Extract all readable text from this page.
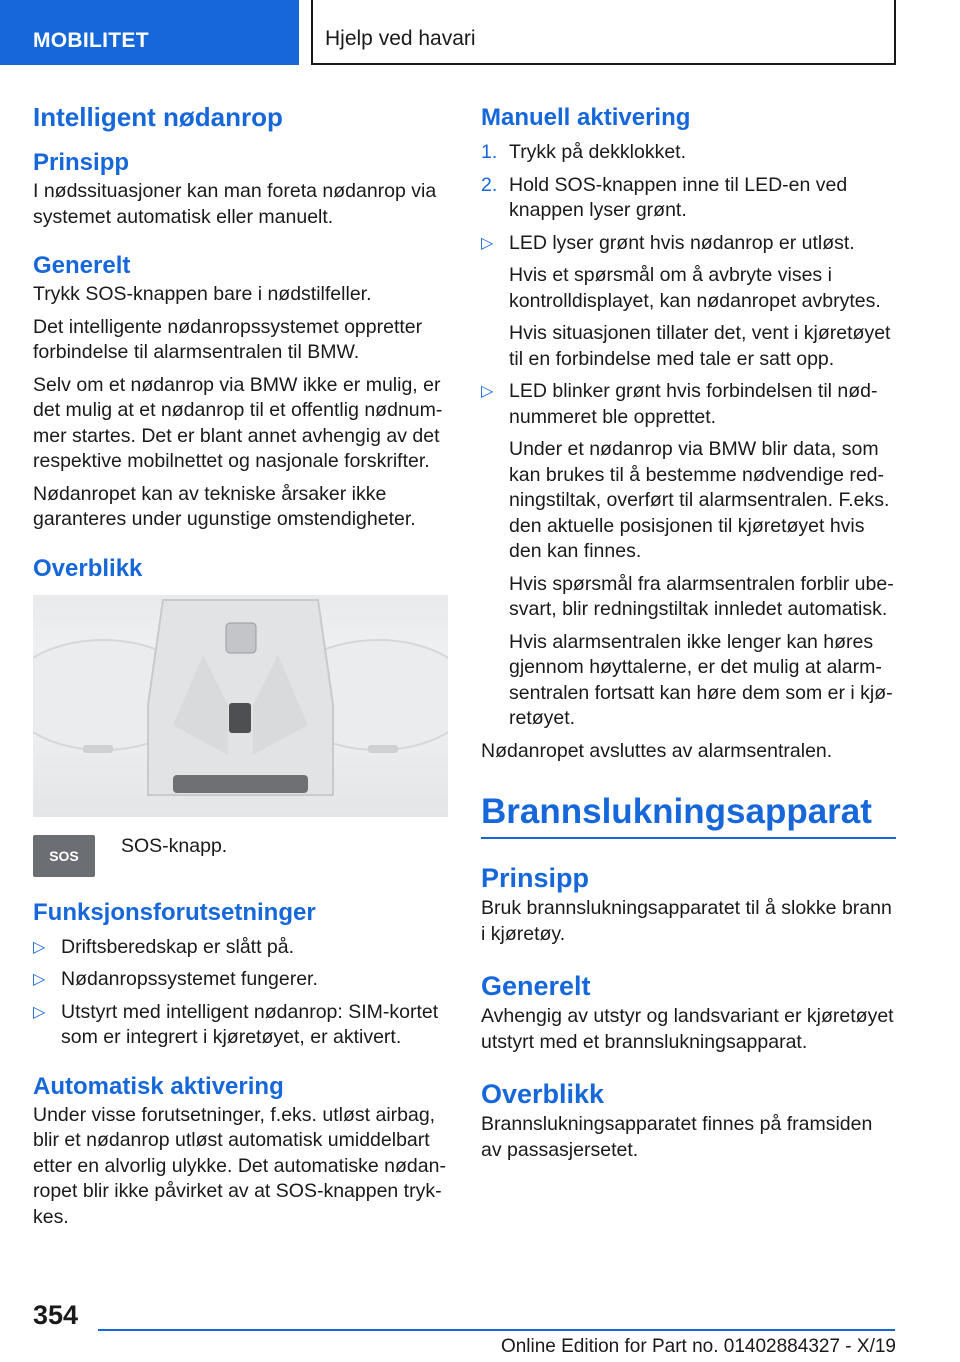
MOBILITET	Hjelp ved havari
Intelligent nødanrop
Prinsipp

I nødssituasjoner kan man foreta nødanrop via systemet automatisk eller manuelt.

Generelt

Trykk SOS-knappen bare i nødstilfeller.

Det intelligente nødanropssystemet oppretter forbindelse til alarmsentralen til BMW.

Selv om et nødanrop via BMW ikke er mulig, er det mulig at et nødanrop til et offentlig nødnummer startes. Det er blant annet avhengig av det respektive mobilnettet og nasjonale forskrifter.

Nødanropet kan av tekniske årsaker ikke garanteres under ugunstige omstendigheter.

Overblikk
SOS SOS-knapp.
Funksjonsforutsetninger
▷ Driftsberedskap er slått på.
▷ Nødanropssystemet fungerer.
▷ Utstyrt med intelligent nødanrop: SIM-kortet som er integrert i kjøretøyet, er aktivert.
Automatisk aktivering

Under visse forutsetninger, f.eks. utløst airbag, blir et nødanrop utløst automatisk umiddelbart etter en alvorlig ulykke. Det automatiske nødanropet blir ikke påvirket av at SOS-knappen trykkes.

Manuell aktivering
1. Trykk på dekklokket.
2. Hold SOS-knappen inne til LED-en ved knappen lyser grønt.
▷ LED lyser grønt hvis nødanrop er utløst.
Hvis et spørsmål om å avbryte vises i kontrolldisplayet, kan nødanropet avbrytes.
Hvis situasjonen tillater det, vent i kjøretøyet til en forbindelse med tale er satt opp.
▷ LED blinker grønt hvis forbindelsen til nødnummeret ble opprettet.
Under et nødanrop via BMW blir data, som kan brukes til å bestemme nødvendige redningstiltak, overført til alarmsentralen. F.eks. den aktuelle posisjonen til kjøretøyet hvis den kan finnes.
Hvis spørsmål fra alarmsentralen forblir ubesvart, blir redningstiltak innledet automatisk.
Hvis alarmsentralen ikke lenger kan høres gjennom høyttalerne, er det mulig at alarmsentralen fortsatt kan høre dem som er i kjøretøyet.

Nødanropet avsluttes av alarmsentralen.

Brannslukningsapparat
Prinsipp

Bruk brannslukningsapparatet til å slokke brann i kjøretøy.

Generelt

Avhengig av utstyr og landsvariant er kjøretøyet utstyrt med et brannslukningsapparat.

Overblikk

Brannslukningsapparatet finnes på framsiden av passasjersetet.

354
Online Edition for Part no. 01402884327 - X/19
